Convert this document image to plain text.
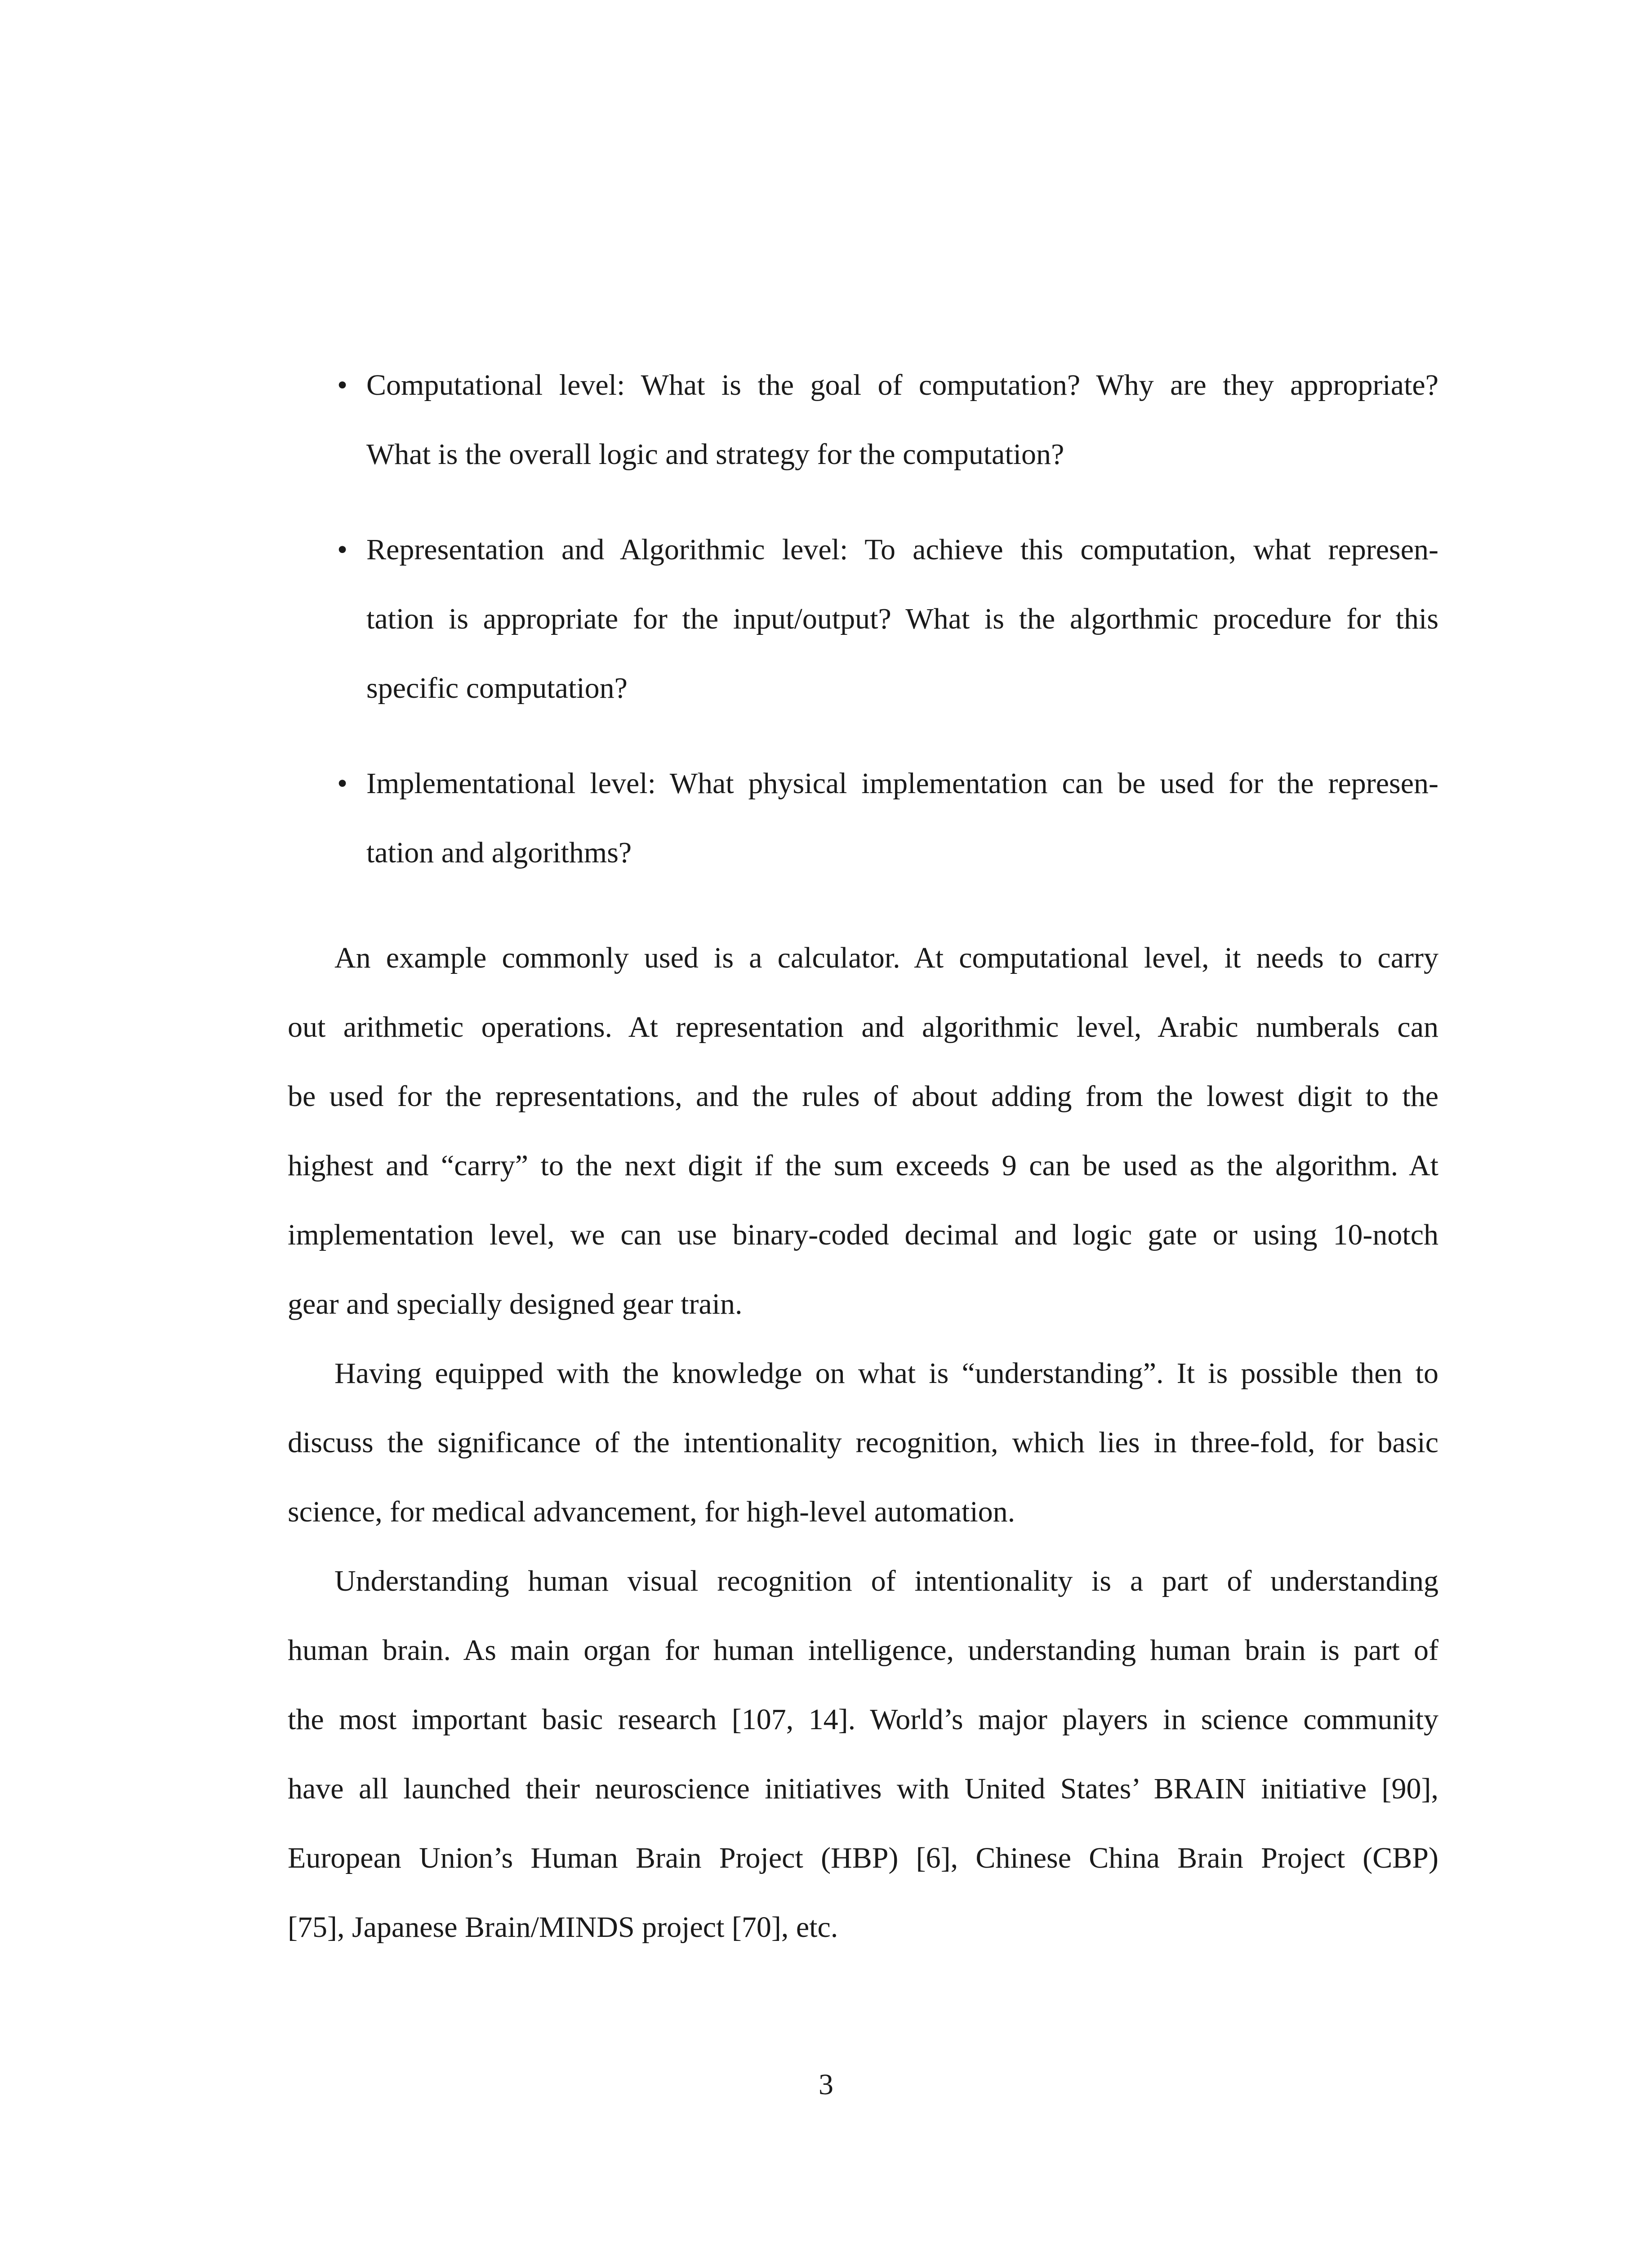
• Computational level: What is the goal of computation? Why are they appropriate?
What is the overall logic and strategy for the computation?
• Representation and Algorithmic level: To achieve this computation, what represen-
tation is appropriate for the input/output? What is the algorthmic procedure for this
specific computation?
• Implementational level: What physical implementation can be used for the represen-
tation and algorithms?
An example commonly used is a calculator. At computational level, it needs to carry
out arithmetic operations. At representation and algorithmic level, Arabic numberals can
be used for the representations, and the rules of about adding from the lowest digit to the
highest and “carry” to the next digit if the sum exceeds 9 can be used as the algorithm. At
implementation level, we can use binary-coded decimal and logic gate or using 10-notch
gear and specially designed gear train.
Having equipped with the knowledge on what is “understanding”. It is possible then to
discuss the significance of the intentionality recognition, which lies in three-fold, for basic
science, for medical advancement, for high-level automation.
Understanding human visual recognition of intentionality is a part of understanding
human brain. As main organ for human intelligence, understanding human brain is part of
the most important basic research [107, 14]. World’s major players in science community
have all launched their neuroscience initiatives with United States’ BRAIN initiative [90],
European Union’s Human Brain Project (HBP) [6], Chinese China Brain Project (CBP)
[75], Japanese Brain/MINDS project [70], etc.
3
